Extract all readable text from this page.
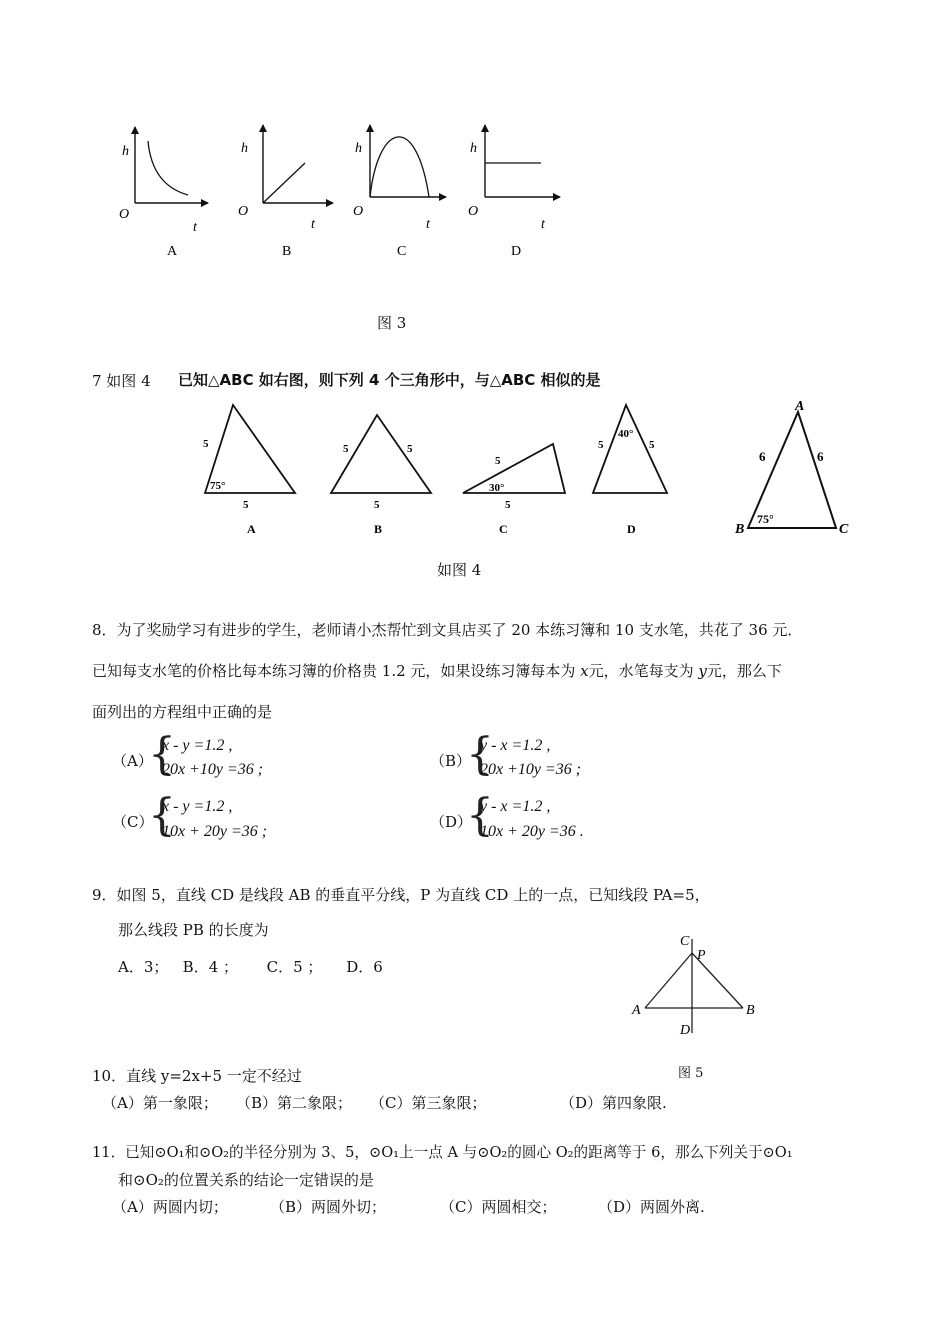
h
O
t
A
h
O
t
B
h
O
t
C
h
O
t
D
图 3
7 如图 4 已知△ABC 如右图，则下列 4 个三角形中，与△ABC 相似的是
5
5
75°
A
5	5
5
B
5
5
30°
C
5	5
40°
D
A
B	C
6	6
75°
如图 4
8．为了奖励学习有进步的学生，老师请小杰帮忙到文具店买了 20 本练习簿和 10 支水笔，共花了 36 元．
已知每支水笔的价格比每本练习簿的价格贵 1.2 元，如果设练习簿每本为 x元，水笔每支为 y元，那么下
面列出的方程组中正确的是
（A）
{
x - y =1.2 ,
20x +10y =36 ;	（B）
{
y - x =1.2 ,
20x +10y =36 ;
（C）
{
x - y =1.2 ,
10x + 20y =36 ;
（D）
{
y - x =1.2 ,
10x + 20y =36 .
9．如图 5，直线 CD 是线段 AB 的垂直平分线，P 为直线 CD 上的一点，已知线段 PA=5，
那么线段 PB 的长度为
A．3；   B．4 ；      C．5 ；     D．6
C
P
A	B
D
图 5
10．直线 y=2x+5 一定不经过
（A）第一象限； （B）第二象限； （C）第三象限；	（D）第四象限.
11．已知⊙O₁和⊙O₂的半径分别为 3、5，⊙O₁上一点 A 与⊙O₂的圆心 O₂的距离等于 6，那么下列关于⊙O₁
和⊙O₂的位置关系的结论一定错误的是
（A）两圆内切；	（B）两圆外切；	（C）两圆相交；	（D）两圆外离.
